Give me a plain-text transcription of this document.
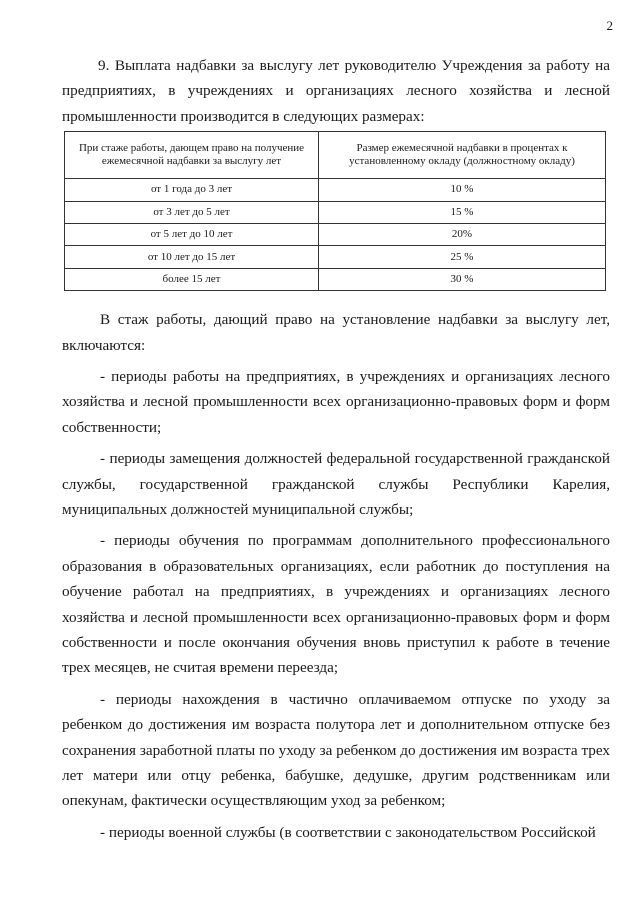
2

9. Выплата надбавки за выслугу лет руководителю Учреждения за работу на предприятиях, в учреждениях и организациях лесного хозяйства и лесной промышленности производится в следующих размерах:

При стаже работы, дающем право на получение ежемесячной надбавки за выслугу лет	Размер ежемесячной надбавки в процентах к установленному окладу (должностному окладу)
от 1 года до 3 лет	10 %
от 3 лет до 5 лет	15 %
от 5 лет до 10 лет	20%
от 10 лет до 15 лет	25 %
более 15 лет	30 %

В стаж работы, дающий право на установление надбавки за выслугу лет, включаются:

- периоды работы на предприятиях, в учреждениях и организациях лесного хозяйства и лесной промышленности всех организационно-правовых форм и форм собственности;

- периоды замещения должностей федеральной государственной гражданской службы, государственной гражданской службы Республики Карелия, муниципальных должностей муниципальной службы;

- периоды обучения по программам дополнительного профессионального образования в образовательных организациях, если работник до поступления на обучение работал на предприятиях, в учреждениях и организациях лесного хозяйства и лесной промышленности всех организационно-правовых форм и форм собственности и после окончания обучения вновь приступил к работе в течение трех месяцев, не считая времени переезда;

- периоды нахождения в частично оплачиваемом отпуске по уходу за ребенком до достижения им возраста полутора лет и дополнительном отпуске без сохранения заработной платы по уходу за ребенком до достижения им возраста трех лет матери или отцу ребенка, бабушке, дедушке, другим родственникам или опекунам, фактически осуществляющим уход за ребенком;

- периоды военной службы (в соответствии с законодательством Российской
